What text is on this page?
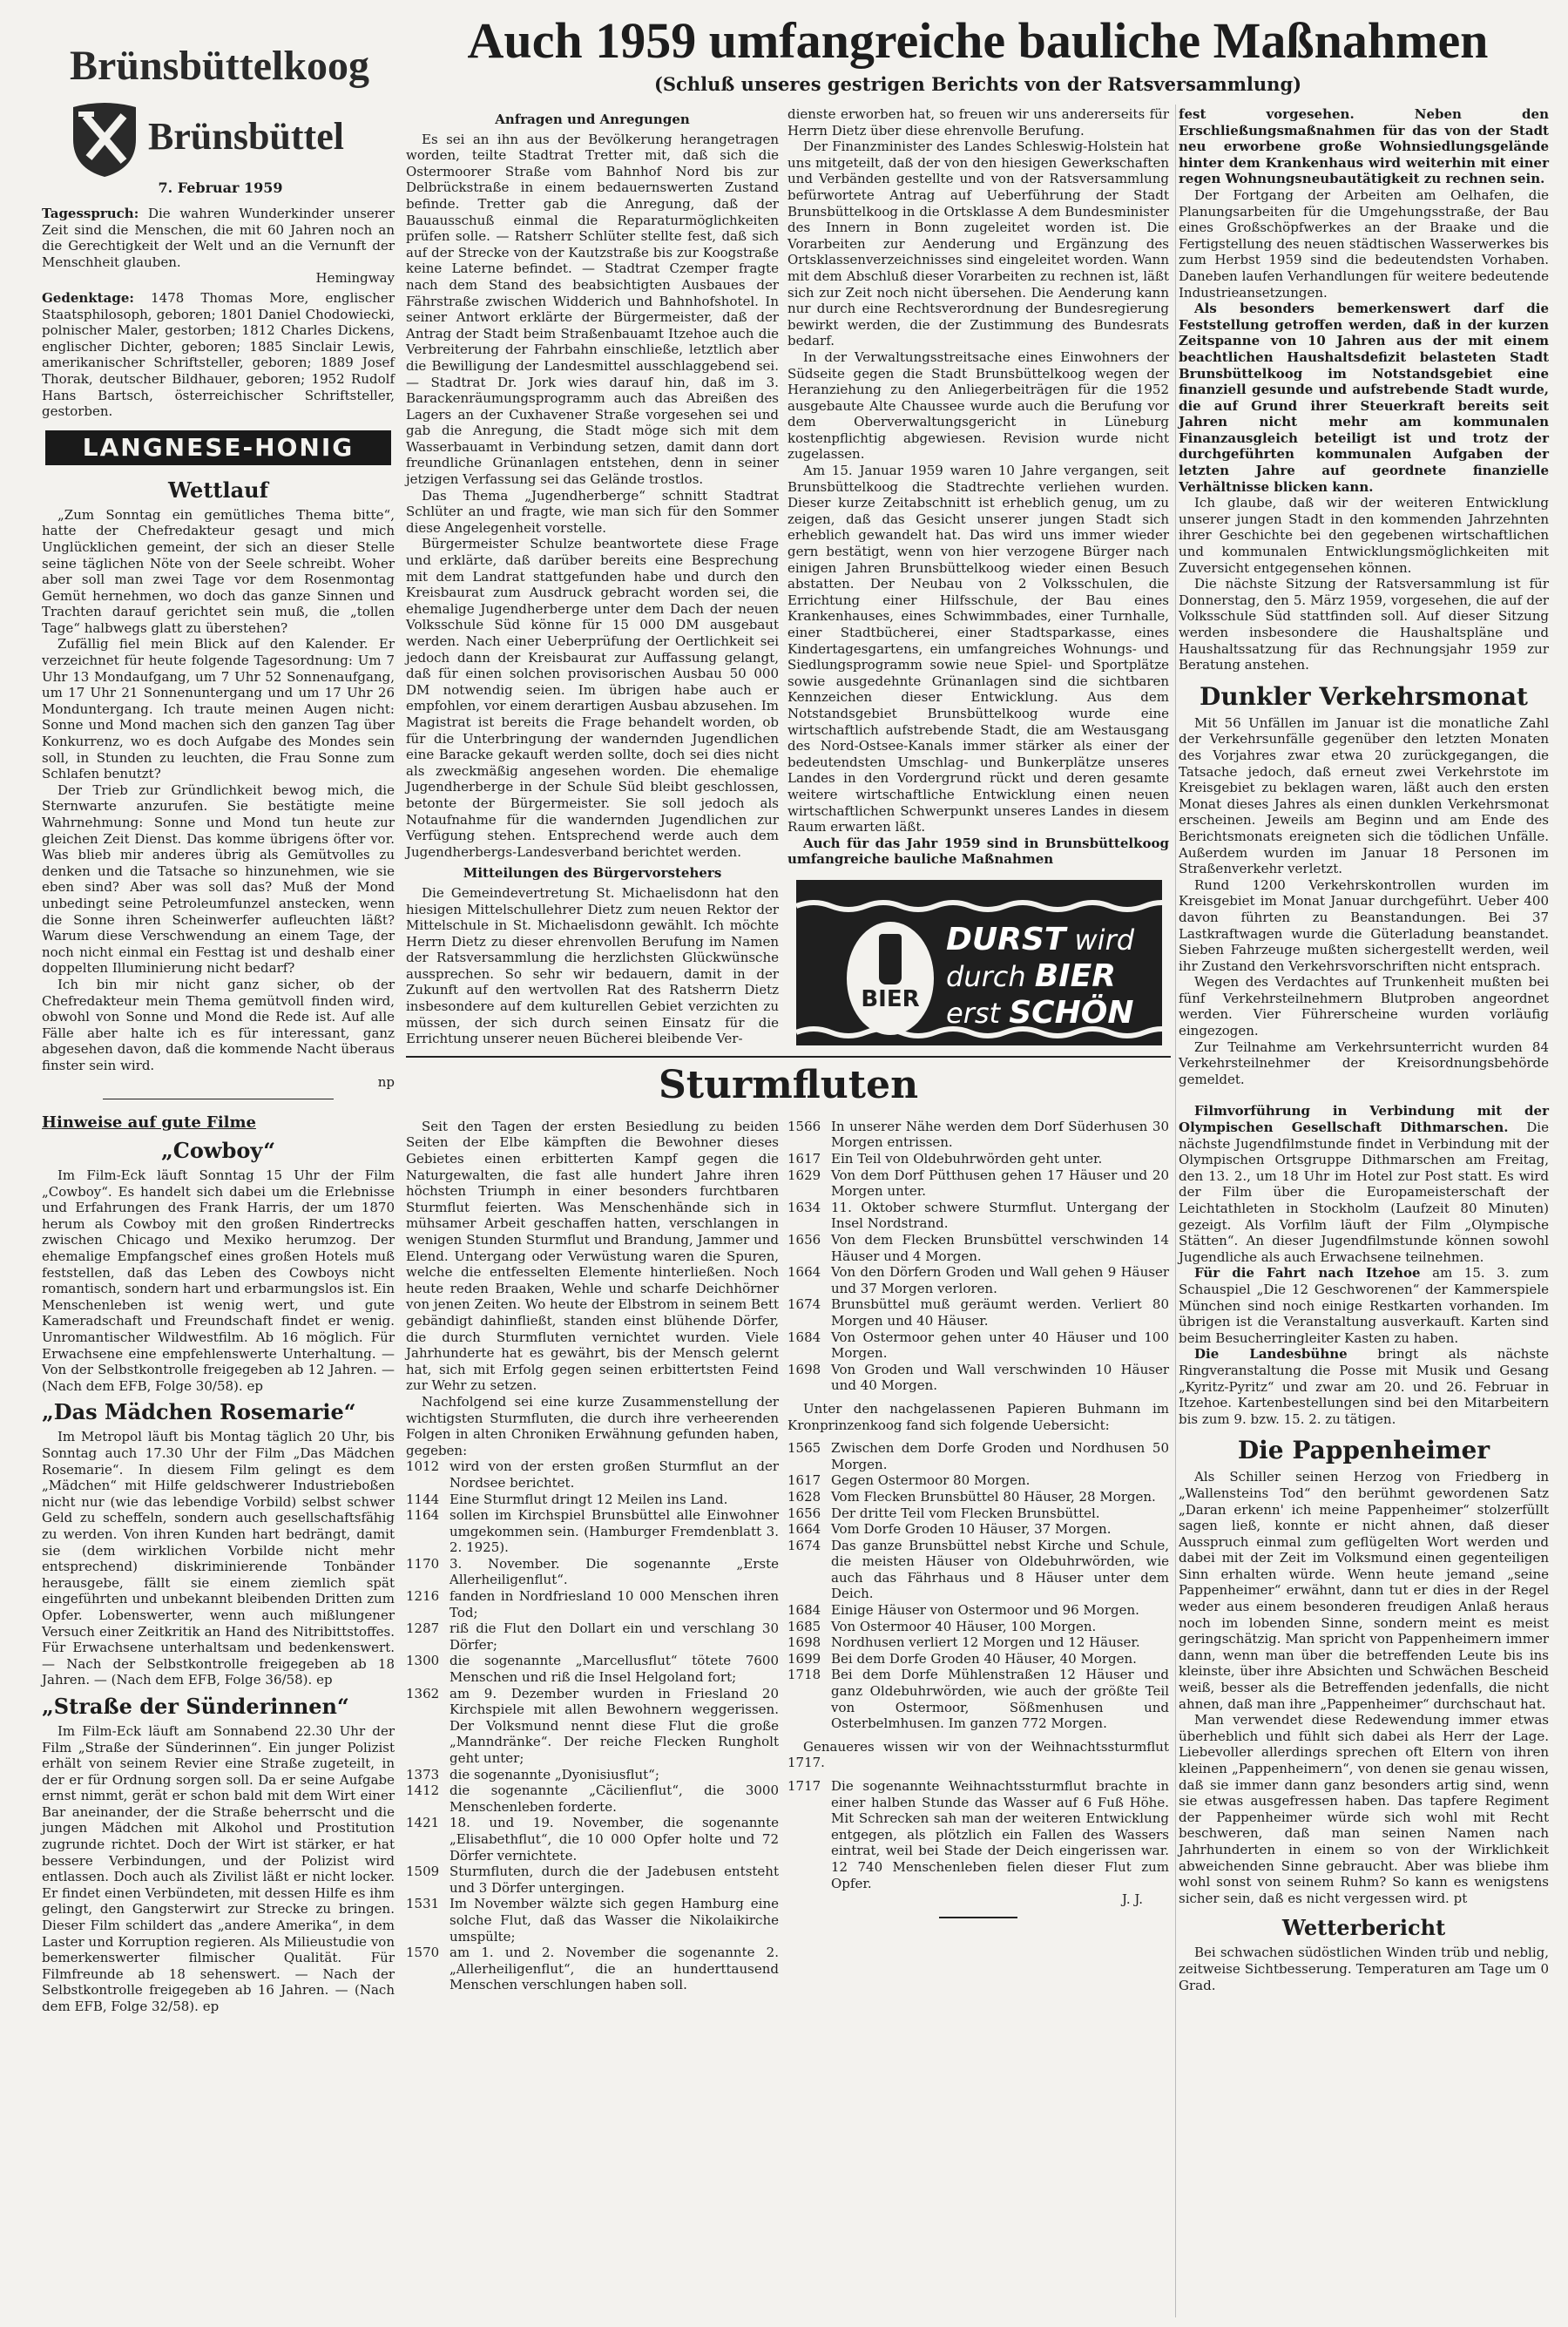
Brünsbüttelkoog
Brünsbüttel
7. Februar 1959
Auch 1959 umfangreiche bauliche Maßnahmen
(Schluß unseres gestrigen Berichts von der Ratsversammlung)

Tagesspruch: Die wahren Wunderkinder unserer Zeit sind die Menschen, die mit 60 Jahren noch an die Gerechtigkeit der Welt und an die Vernunft der Menschheit glauben.

Hemingway

Gedenktage: 1478 Thomas More, englischer Staatsphilosoph, geboren; 1801 Daniel Chodowiecki, polnischer Maler, gestorben; 1812 Charles Dickens, englischer Dichter, geboren; 1885 Sinclair Lewis, amerikanischer Schriftsteller, geboren; 1889 Josef Thorak, deutscher Bildhauer, geboren; 1952 Rudolf Hans Bartsch, österreichischer Schriftsteller, gestorben.

LANGNESE-HONIG
Wettlauf

„Zum Sonntag ein gemütliches Thema bitte“, hatte der Chefredakteur gesagt und mich Unglücklichen gemeint, der sich an dieser Stelle seine täglichen Nöte von der Seele schreibt. Woher aber soll man zwei Tage vor dem Rosenmontag Gemüt hernehmen, wo doch das ganze Sinnen und Trachten darauf gerichtet sein muß, die „tollen Tage“ halbwegs glatt zu überstehen?

Zufällig fiel mein Blick auf den Kalender. Er verzeichnet für heute folgende Tagesordnung: Um 7 Uhr 13 Mondaufgang, um 7 Uhr 52 Sonnenaufgang, um 17 Uhr 21 Sonnenuntergang und um 17 Uhr 26 Monduntergang. Ich traute meinen Augen nicht: Sonne und Mond machen sich den ganzen Tag über Konkurrenz, wo es doch Aufgabe des Mondes sein soll, in Stunden zu leuchten, die Frau Sonne zum Schlafen benutzt?

Der Trieb zur Gründlichkeit bewog mich, die Sternwarte anzurufen. Sie bestätigte meine Wahrnehmung: Sonne und Mond tun heute zur gleichen Zeit Dienst. Das komme übrigens öfter vor. Was blieb mir anderes übrig als Gemütvolles zu denken und die Tatsache so hinzunehmen, wie sie eben sind? Aber was soll das? Muß der Mond unbedingt seine Petroleumfunzel anstecken, wenn die Sonne ihren Scheinwerfer aufleuchten läßt? Warum diese Verschwendung an einem Tage, der noch nicht einmal ein Festtag ist und deshalb einer doppelten Illuminierung nicht bedarf?

Ich bin mir nicht ganz sicher, ob der Chefredakteur mein Thema gemütvoll finden wird, obwohl von Sonne und Mond die Rede ist. Auf alle Fälle aber halte ich es für interessant, ganz abgesehen davon, daß die kommende Nacht überaus finster sein wird.

np

Hinweise auf gute Filme
„Cowboy“

Im Film-Eck läuft Sonntag 15 Uhr der Film „Cowboy“. Es handelt sich dabei um die Erlebnisse und Erfahrungen des Frank Harris, der um 1870 herum als Cowboy mit den großen Rindertrecks zwischen Chicago und Mexiko herumzog. Der ehemalige Empfangschef eines großen Hotels muß feststellen, daß das Leben des Cowboys nicht romantisch, sondern hart und erbarmungslos ist. Ein Menschenleben ist wenig wert, und gute Kameradschaft und Freundschaft findet er wenig. Unromantischer Wildwestfilm. Ab 16 möglich. Für Erwachsene eine empfehlenswerte Unterhaltung. — Von der Selbstkontrolle freigegeben ab 12 Jahren. — (Nach dem EFB, Folge 30/58). ep

„Das Mädchen Rosemarie“

Im Metropol läuft bis Montag täglich 20 Uhr, bis Sonntag auch 17.30 Uhr der Film „Das Mädchen Rosemarie“. In diesem Film gelingt es dem „Mädchen“ mit Hilfe geldschwerer Industrieboßen nicht nur (wie das lebendige Vorbild) selbst schwer Geld zu scheffeln, sondern auch gesellschaftsfähig zu werden. Von ihren Kunden hart bedrängt, damit sie (dem wirklichen Vorbilde nicht mehr entsprechend) diskriminierende Tonbänder herausgebe, fällt sie einem ziemlich spät eingeführten und unbekannt bleibenden Dritten zum Opfer. Lobenswerter, wenn auch mißlungener Versuch einer Zeitkritik an Hand des Nitribittstoffes. Für Erwachsene unterhaltsam und bedenkenswert. — Nach der Selbstkontrolle freigegeben ab 18 Jahren. — (Nach dem EFB, Folge 36/58). ep

„Straße der Sünderinnen“

Im Film-Eck läuft am Sonnabend 22.30 Uhr der Film „Straße der Sünderinnen“. Ein junger Polizist erhält von seinem Revier eine Straße zugeteilt, in der er für Ordnung sorgen soll. Da er seine Aufgabe ernst nimmt, gerät er schon bald mit dem Wirt einer Bar aneinander, der die Straße beherrscht und die jungen Mädchen mit Alkohol und Prostitution zugrunde richtet. Doch der Wirt ist stärker, er hat bessere Verbindungen, und der Polizist wird entlassen. Doch auch als Zivilist läßt er nicht locker. Er findet einen Verbündeten, mit dessen Hilfe es ihm gelingt, den Gangsterwirt zur Strecke zu bringen. Dieser Film schildert das „andere Amerika“, in dem Laster und Korruption regieren. Als Milieustudie von bemerkenswerter filmischer Qualität. Für Filmfreunde ab 18 sehenswert. — Nach der Selbstkontrolle freigegeben ab 16 Jahren. — (Nach dem EFB, Folge 32/58). ep

Anfragen und Anregungen

Es sei an ihn aus der Bevölkerung herangetragen worden, teilte Stadtrat Tretter mit, daß sich die Ostermoorer Straße vom Bahnhof Nord bis zur Delbrückstraße in einem bedauernswerten Zustand befinde. Tretter gab die Anregung, daß der Bauausschuß einmal die Reparaturmöglichkeiten prüfen solle. — Ratsherr Schlüter stellte fest, daß sich auf der Strecke von der Kautzstraße bis zur Koogstraße keine Laterne befindet. — Stadtrat Czemper fragte nach dem Stand des beabsichtigten Ausbaues der Fährstraße zwischen Widderich und Bahnhofshotel. In seiner Antwort erklärte der Bürgermeister, daß der Antrag der Stadt beim Straßenbauamt Itzehoe auch die Verbreiterung der Fahrbahn einschließe, letztlich aber die Bewilligung der Landesmittel ausschlaggebend sei. — Stadtrat Dr. Jork wies darauf hin, daß im 3. Barackenräumungsprogramm auch das Abreißen des Lagers an der Cuxhavener Straße vorgesehen sei und gab die Anregung, die Stadt möge sich mit dem Wasserbauamt in Verbindung setzen, damit dann dort freundliche Grünanlagen entstehen, denn in seiner jetzigen Verfassung sei das Gelände trostlos.

Das Thema „Jugendherberge“ schnitt Stadtrat Schlüter an und fragte, wie man sich für den Sommer diese Angelegenheit vorstelle.

Bürgermeister Schulze beantwortete diese Frage und erklärte, daß darüber bereits eine Besprechung mit dem Landrat stattgefunden habe und durch den Kreisbaurat zum Ausdruck gebracht worden sei, die ehemalige Jugendherberge unter dem Dach der neuen Volksschule Süd könne für 15 000 DM ausgebaut werden. Nach einer Ueberprüfung der Oertlichkeit sei jedoch dann der Kreisbaurat zur Auffassung gelangt, daß für einen solchen provisorischen Ausbau 50 000 DM notwendig seien. Im übrigen habe auch er empfohlen, vor einem derartigen Ausbau abzusehen. Im Magistrat ist bereits die Frage behandelt worden, ob für die Unterbringung der wandernden Jugendlichen eine Baracke gekauft werden sollte, doch sei dies nicht als zweckmäßig angesehen worden. Die ehemalige Jugendherberge in der Schule Süd bleibt geschlossen, betonte der Bürgermeister. Sie soll jedoch als Notaufnahme für die wandernden Jugendlichen zur Verfügung stehen. Entsprechend werde auch dem Jugendherbergs-Landesverband berichtet werden.

Mitteilungen des Bürgervorstehers

Die Gemeindevertretung St. Michaelisdonn hat den hiesigen Mittelschullehrer Dietz zum neuen Rektor der Mittelschule in St. Michaelisdonn gewählt. Ich möchte Herrn Dietz zu dieser ehrenvollen Berufung im Namen der Ratsversammlung die herzlichsten Glückwünsche aussprechen. So sehr wir bedauern, damit in der Zukunft auf den wertvollen Rat des Ratsherrn Dietz insbesondere auf dem kulturellen Gebiet verzichten zu müssen, der sich durch seinen Einsatz für die Errichtung unserer neuen Bücherei bleibende Ver-

dienste erworben hat, so freuen wir uns andererseits für Herrn Dietz über diese ehrenvolle Berufung.

Der Finanzminister des Landes Schleswig-Holstein hat uns mitgeteilt, daß der von den hiesigen Gewerkschaften und Verbänden gestellte und von der Ratsversammlung befürwortete Antrag auf Ueberführung der Stadt Brunsbüttelkoog in die Ortsklasse A dem Bundesminister des Innern in Bonn zugeleitet worden ist. Die Vorarbeiten zur Aenderung und Ergänzung des Ortsklassenverzeichnisses sind eingeleitet worden. Wann mit dem Abschluß dieser Vorarbeiten zu rechnen ist, läßt sich zur Zeit noch nicht übersehen. Die Aenderung kann nur durch eine Rechtsverordnung der Bundesregierung bewirkt werden, die der Zustimmung des Bundesrats bedarf.

In der Verwaltungsstreitsache eines Einwohners der Südseite gegen die Stadt Brunsbüttelkoog wegen der Heranziehung zu den Anliegerbeiträgen für die 1952 ausgebaute Alte Chaussee wurde auch die Berufung vor dem Oberverwaltungsgericht in Lüneburg kostenpflichtig abgewiesen. Revision wurde nicht zugelassen.

Am 15. Januar 1959 waren 10 Jahre vergangen, seit Brunsbüttelkoog die Stadtrechte verliehen wurden. Dieser kurze Zeitabschnitt ist erheblich genug, um zu zeigen, daß das Gesicht unserer jungen Stadt sich erheblich gewandelt hat. Das wird uns immer wieder gern bestätigt, wenn von hier verzogene Bürger nach einigen Jahren Brunsbüttelkoog wieder einen Besuch abstatten. Der Neubau von 2 Volksschulen, die Errichtung einer Hilfsschule, der Bau eines Krankenhauses, eines Schwimmbades, einer Turnhalle, einer Stadtbücherei, einer Stadtsparkasse, eines Kindertagesgartens, ein umfangreiches Wohnungs- und Siedlungsprogramm sowie neue Spiel- und Sportplätze sowie ausgedehnte Grünanlagen sind die sichtbaren Kennzeichen dieser Entwicklung. Aus dem Notstandsgebiet Brunsbüttelkoog wurde eine wirtschaftlich aufstrebende Stadt, die am Westausgang des Nord-Ostsee-Kanals immer stärker als einer der bedeutendsten Umschlag- und Bunkerplätze unseres Landes in den Vordergrund rückt und deren gesamte weitere wirtschaftliche Entwicklung einen neuen wirtschaftlichen Schwerpunkt unseres Landes in diesem Raum erwarten läßt.

Auch für das Jahr 1959 sind in Brunsbüttelkoog umfangreiche bauliche Maßnahmen

BIER
DURST wird
durch BIER
erst SCHÖN
Sturmfluten

Seit den Tagen der ersten Besiedlung zu beiden Seiten der Elbe kämpften die Bewohner dieses Gebietes einen erbitterten Kampf gegen die Naturgewalten, die fast alle hundert Jahre ihren höchsten Triumph in einer besonders furchtbaren Sturmflut feierten. Was Menschenhände sich in mühsamer Arbeit geschaffen hatten, verschlangen in wenigen Stunden Sturmflut und Brandung, Jammer und Elend. Untergang oder Verwüstung waren die Spuren, welche die entfesselten Elemente hinterließen. Noch heute reden Braaken, Wehle und scharfe Deichhörner von jenen Zeiten. Wo heute der Elbstrom in seinem Bett gebändigt dahinfließt, standen einst blühende Dörfer, die durch Sturmfluten vernichtet wurden. Viele Jahrhunderte hat es gewährt, bis der Mensch gelernt hat, sich mit Erfolg gegen seinen erbittertsten Feind zur Wehr zu setzen.

Nachfolgend sei eine kurze Zusammenstellung der wichtigsten Sturmfluten, die durch ihre verheerenden Folgen in alten Chroniken Erwähnung gefunden haben, gegeben:

1012 wird von der ersten großen Sturmflut an der Nordsee berichtet.
1144 Eine Sturmflut dringt 12 Meilen ins Land.
1164 sollen im Kirchspiel Brunsbüttel alle Einwohner umgekommen sein. (Hamburger Fremdenblatt 3. 2. 1925).
1170 3. November. Die sogenannte „Erste Allerheiligenflut“.
1216 fanden in Nordfriesland 10 000 Menschen ihren Tod;
1287 riß die Flut den Dollart ein und verschlang 30 Dörfer;
1300 die sogenannte „Marcellusflut“ tötete 7600 Menschen und riß die Insel Helgoland fort;
1362 am 9. Dezember wurden in Friesland 20 Kirchspiele mit allen Bewohnern weggerissen. Der Volksmund nennt diese Flut die große „Manndränke“. Der reiche Flecken Rungholt geht unter;
1373 die sogenannte „Dyonisiusflut“;
1412 die sogenannte „Cäcilienflut“, die 3000 Menschenleben forderte.
1421 18. und 19. November, die sogenannte „Elisabethflut“, die 10 000 Opfer holte und 72 Dörfer vernichtete.
1509 Sturmfluten, durch die der Jadebusen entsteht und 3 Dörfer untergingen.
1531 Im November wälzte sich gegen Hamburg eine solche Flut, daß das Wasser die Nikolaikirche umspülte;
1570 am 1. und 2. November die sogenannte 2. „Allerheiligenflut“, die an hunderttausend Menschen verschlungen haben soll.
1566 In unserer Nähe werden dem Dorf Süderhusen 30 Morgen entrissen.
1617 Ein Teil von Oldebuhrwörden geht unter.
1629 Von dem Dorf Pütthusen gehen 17 Häuser und 20 Morgen unter.
1634 11. Oktober schwere Sturmflut. Untergang der Insel Nordstrand.
1656 Von dem Flecken Brunsbüttel verschwinden 14 Häuser und 4 Morgen.
1664 Von den Dörfern Groden und Wall gehen 9 Häuser und 37 Morgen verloren.
1674 Brunsbüttel muß geräumt werden. Verliert 80 Morgen und 40 Häuser.
1684 Von Ostermoor gehen unter 40 Häuser und 100 Morgen.
1698 Von Groden und Wall verschwinden 10 Häuser und 40 Morgen.

Unter den nachgelassenen Papieren Buhmann im Kronprinzenkoog fand sich folgende Uebersicht:

1565 Zwischen dem Dorfe Groden und Nordhusen 50 Morgen.
1617 Gegen Ostermoor 80 Morgen.
1628 Vom Flecken Brunsbüttel 80 Häuser, 28 Morgen.
1656 Der dritte Teil vom Flecken Brunsbüttel.
1664 Vom Dorfe Groden 10 Häuser, 37 Morgen.
1674 Das ganze Brunsbüttel nebst Kirche und Schule, die meisten Häuser von Oldebuhrwörden, wie auch das Fährhaus und 8 Häuser unter dem Deich.
1684 Einige Häuser von Ostermoor und 96 Morgen.
1685 Von Ostermoor 40 Häuser, 100 Morgen.
1698 Nordhusen verliert 12 Morgen und 12 Häuser.
1699 Bei dem Dorfe Groden 40 Häuser, 40 Morgen.
1718 Bei dem Dorfe Mühlenstraßen 12 Häuser und ganz Oldebuhrwörden, wie auch der größte Teil von Ostermoor, Sößmenhusen und Osterbelmhusen. Im ganzen 772 Morgen.

Genaueres wissen wir von der Weihnachtssturmflut 1717.

1717 Die sogenannte Weihnachtssturmflut brachte in einer halben Stunde das Wasser auf 6 Fuß Höhe. Mit Schrecken sah man der weiteren Entwicklung entgegen, als plötzlich ein Fallen des Wassers eintrat, weil bei Stade der Deich eingerissen war. 12 740 Menschenleben fielen dieser Flut zum Opfer.

J. J.

fest vorgesehen. Neben den Erschließungsmaßnahmen für das von der Stadt neu erworbene große Wohnsiedlungsgelände hinter dem Krankenhaus wird weiterhin mit einer regen Wohnungsneubautätigkeit zu rechnen sein.

Der Fortgang der Arbeiten am Oelhafen, die Planungsarbeiten für die Umgehungsstraße, der Bau eines Großschöpfwerkes an der Braake und die Fertigstellung des neuen städtischen Wasserwerkes bis zum Herbst 1959 sind die bedeutendsten Vorhaben. Daneben laufen Verhandlungen für weitere bedeutende Industrieansetzungen.

Als besonders bemerkenswert darf die Feststellung getroffen werden, daß in der kurzen Zeitspanne von 10 Jahren aus der mit einem beachtlichen Haushaltsdefizit belasteten Stadt Brunsbüttelkoog im Notstandsgebiet eine finanziell gesunde und aufstrebende Stadt wurde, die auf Grund ihrer Steuerkraft bereits seit Jahren nicht mehr am kommunalen Finanzausgleich beteiligt ist und trotz der durchgeführten kommunalen Aufgaben der letzten Jahre auf geordnete finanzielle Verhältnisse blicken kann.

Ich glaube, daß wir der weiteren Entwicklung unserer jungen Stadt in den kommenden Jahrzehnten ihrer Geschichte bei den gegebenen wirtschaftlichen und kommunalen Entwicklungsmöglichkeiten mit Zuversicht entgegensehen können.

Die nächste Sitzung der Ratsversammlung ist für Donnerstag, den 5. März 1959, vorgesehen, die auf der Volksschule Süd stattfinden soll. Auf dieser Sitzung werden insbesondere die Haushaltspläne und Haushaltssatzung für das Rechnungsjahr 1959 zur Beratung anstehen.

Dunkler Verkehrsmonat

Mit 56 Unfällen im Januar ist die monatliche Zahl der Verkehrsunfälle gegenüber den letzten Monaten des Vorjahres zwar etwa 20 zurückgegangen, die Tatsache jedoch, daß erneut zwei Verkehrstote im Kreisgebiet zu beklagen waren, läßt auch den ersten Monat dieses Jahres als einen dunklen Verkehrsmonat erscheinen. Jeweils am Beginn und am Ende des Berichtsmonats ereigneten sich die tödlichen Unfälle. Außerdem wurden im Januar 18 Personen im Straßenverkehr verletzt.

Rund 1200 Verkehrskontrollen wurden im Kreisgebiet im Monat Januar durchgeführt. Ueber 400 davon führten zu Beanstandungen. Bei 37 Lastkraftwagen wurde die Güterladung beanstandet. Sieben Fahrzeuge mußten sichergestellt werden, weil ihr Zustand den Verkehrsvorschriften nicht entsprach.

Wegen des Verdachtes auf Trunkenheit mußten bei fünf Verkehrsteilnehmern Blutproben angeordnet werden. Vier Führerscheine wurden vorläufig eingezogen.

Zur Teilnahme am Verkehrsunterricht wurden 84 Verkehrsteilnehmer der Kreisordnungsbehörde gemeldet.

Filmvorführung in Verbindung mit der Olympischen Gesellschaft Dithmarschen. Die nächste Jugendfilmstunde findet in Verbindung mit der Olympischen Ortsgruppe Dithmarschen am Freitag, den 13. 2., um 18 Uhr im Hotel zur Post statt. Es wird der Film über die Europameisterschaft der Leichtathleten in Stockholm (Laufzeit 80 Minuten) gezeigt. Als Vorfilm läuft der Film „Olympische Stätten“. An dieser Jugendfilmstunde können sowohl Jugendliche als auch Erwachsene teilnehmen.

Für die Fahrt nach Itzehoe am 15. 3. zum Schauspiel „Die 12 Geschworenen“ der Kammerspiele München sind noch einige Restkarten vorhanden. Im übrigen ist die Veranstaltung ausverkauft. Karten sind beim Besucherringleiter Kasten zu haben.

Die Landesbühne bringt als nächste Ringveranstaltung die Posse mit Musik und Gesang „Kyritz-Pyritz“ und zwar am 20. und 26. Februar in Itzehoe. Kartenbestellungen sind bei den Mitarbeitern bis zum 9. bzw. 15. 2. zu tätigen.

Die Pappenheimer

Als Schiller seinen Herzog von Friedberg in „Wallensteins Tod“ den berühmt gewordenen Satz „Daran erkenn' ich meine Pappenheimer“ stolzerfüllt sagen ließ, konnte er nicht ahnen, daß dieser Ausspruch einmal zum geflügelten Wort werden und dabei mit der Zeit im Volksmund einen gegenteiligen Sinn erhalten würde. Wenn heute jemand „seine Pappenheimer“ erwähnt, dann tut er dies in der Regel weder aus einem besonderen freudigen Anlaß heraus noch im lobenden Sinne, sondern meint es meist geringschätzig. Man spricht von Pappenheimern immer dann, wenn man über die betreffenden Leute bis ins kleinste, über ihre Absichten und Schwächen Bescheid weiß, besser als die Betreffenden jedenfalls, die nicht ahnen, daß man ihre „Pappenheimer“ durchschaut hat.

Man verwendet diese Redewendung immer etwas überheblich und fühlt sich dabei als Herr der Lage. Liebevoller allerdings sprechen oft Eltern von ihren kleinen „Pappenheimern“, von denen sie genau wissen, daß sie immer dann ganz besonders artig sind, wenn sie etwas ausgefressen haben. Das tapfere Regiment der Pappenheimer würde sich wohl mit Recht beschweren, daß man seinen Namen nach Jahrhunderten in einem so von der Wirklichkeit abweichenden Sinne gebraucht. Aber was bliebe ihm wohl sonst von seinem Ruhm? So kann es wenigstens sicher sein, daß es nicht vergessen wird. pt

Wetterbericht

Bei schwachen südöstlichen Winden trüb und neblig, zeitweise Sichtbesserung. Temperaturen am Tage um 0 Grad.
